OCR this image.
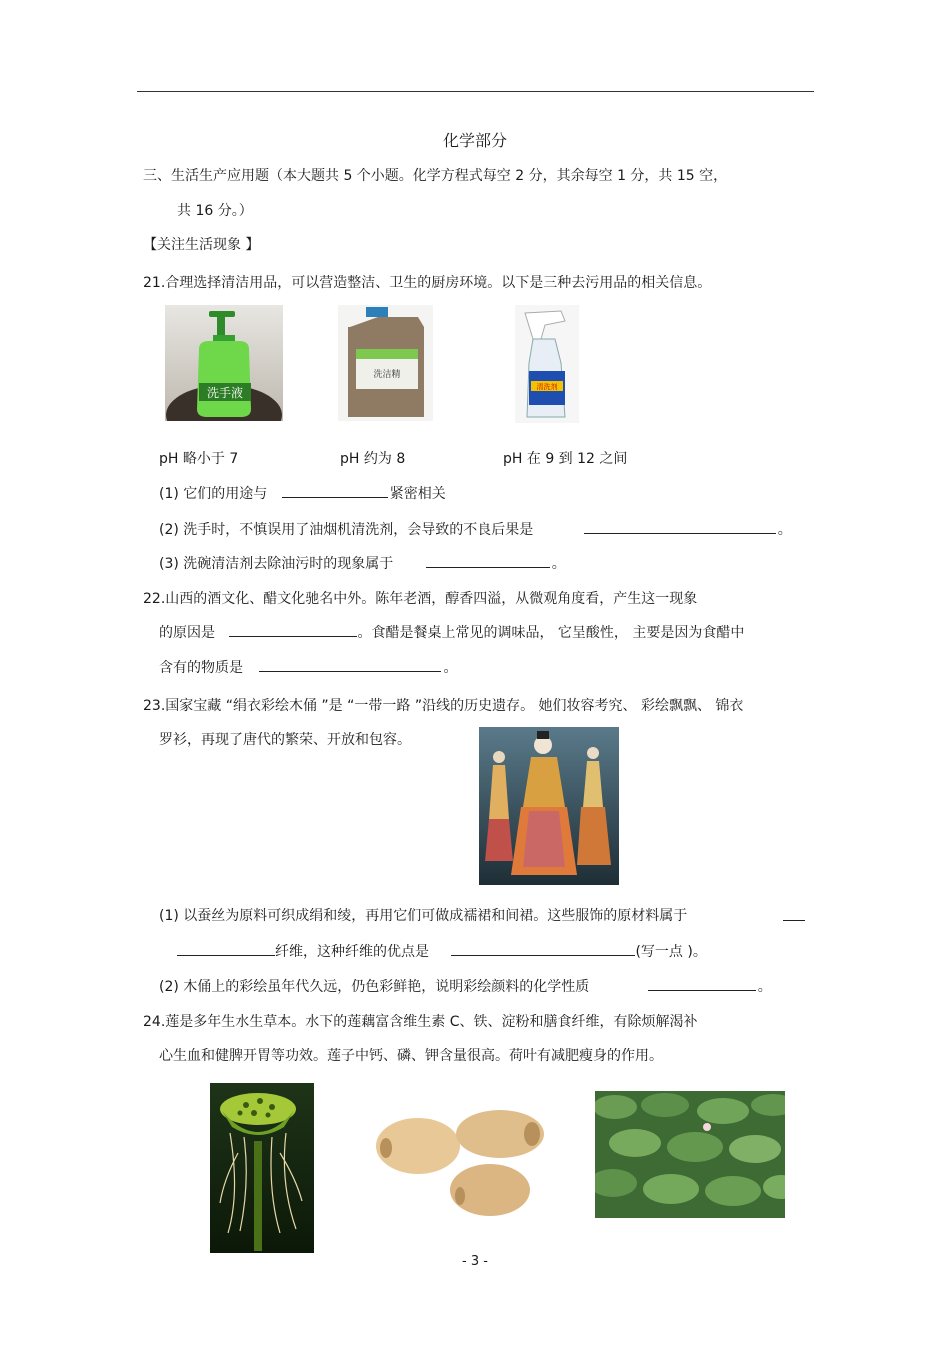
化学部分
三、生活生产应用题（本大题共 5 个小题。化学方程式每空 2 分，其余每空 1 分，共 15 空，
共 16 分。）
【关注生活现象 】
21.合理选择清洁用品，可以营造整洁、卫生的厨房环境。以下是三种去污用品的相关信息。
洗手液
洗洁精
清洗剂
pH 略小于 7	pH 约为 8	pH 在 9 到 12 之间
(1) 它们的用途与	紧密相关
(2) 洗手时，不慎误用了油烟机清洗剂，会导致的不良后果是	。
(3) 洗碗清洁剂去除油污时的现象属于	。
22.山西的酒文化、醋文化驰名中外。陈年老酒，醇香四溢，从微观角度看，产生这一现象
的原因是	。食醋是餐桌上常见的调味品， 它呈酸性， 主要是因为食醋中
含有的物质是	。
23.国家宝藏 “绢衣彩绘木俑 ”是 “一带一路 ”沿线的历史遗存。 她们妆容考究、 彩绘飘飘、 锦衣
罗衫，再现了唐代的繁荣、开放和包容。
(1) 以蚕丝为原料可织成绢和绫，再用它们可做成襦裙和间裙。这些服饰的原材料属于
纤维，这种纤维的优点是	(写一点 )。
(2) 木俑上的彩绘虽年代久远，仍色彩鲜艳，说明彩绘颜料的化学性质	。
24.莲是多年生水生草本。水下的莲藕富含维生素 C、铁、淀粉和膳食纤维，有除烦解渴补
心生血和健脾开胃等功效。莲子中钙、磷、钾含量很高。荷叶有减肥瘦身的作用。
- 3 -
